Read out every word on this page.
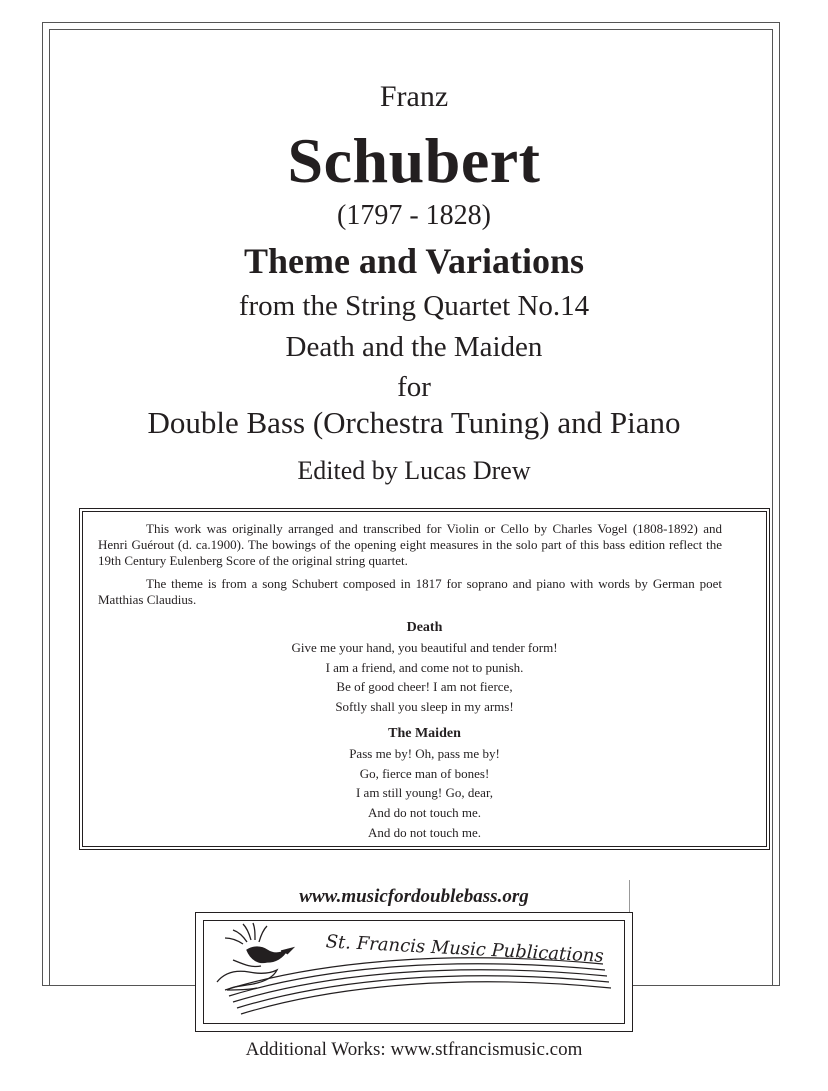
Franz
Schubert
(1797 - 1828)
Theme and Variations
from the String Quartet No.14
Death and the Maiden
for
Double Bass (Orchestra Tuning) and Piano
Edited by Lucas Drew
This work was originally arranged and transcribed for Violin or Cello by Charles Vogel (1808-1892) and Henri Guérout (d. ca.1900). The bowings of the opening eight measures in the solo part of this bass edition reflect the 19th Century Eulenberg Score of the original string quartet.
The theme is from a song Schubert composed in 1817 for soprano and piano with words by German poet Matthias Claudius.
Death
Give me your hand, you beautiful and tender form!
I am a friend, and come not to punish.
Be of good cheer! I am not fierce,
Softly shall you sleep in my arms!
The Maiden
Pass me by! Oh, pass me by!
Go, fierce man of bones!
I am still young! Go, dear,
And do not touch me.
And do not touch me.
www.musicfordoublebass.org
St. Francis Music Publications
Additional Works: www.stfrancismusic.com
